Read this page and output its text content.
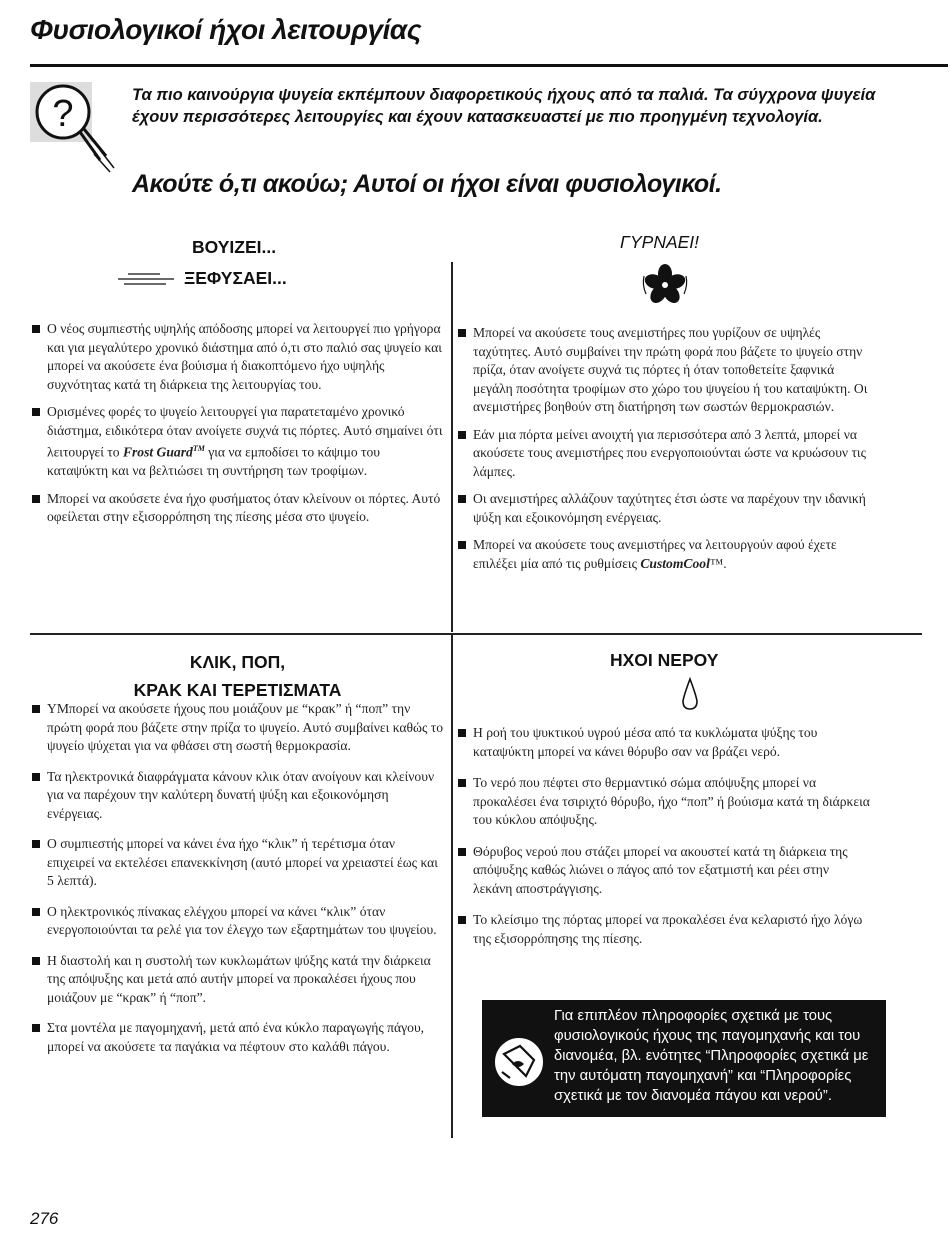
Φυσιολογικοί ήχοι λειτουργίας
?	Τα πιο καινούργια ψυγεία εκπέμπουν διαφορετικούς ήχους από τα παλιά. Τα σύγχρονα ψυγεία έχουν περισσότερες λειτουργίες και έχουν κατασκευαστεί με πιο προηγμένη τεχνολογία.
Ακούτε ό,τι ακούω; Αυτοί οι ήχοι είναι φυσιολογικοί.
ΒΟΥΙΖΕΙ...
ΞΕΦΥΣΑΕΙ...
Ο νέος συμπιεστής υψηλής απόδοσης μπορεί να λειτουργεί πιο γρήγορα και για μεγαλύτερο χρονικό διάστημα από ό,τι στο παλιό σας ψυγείο και μπορεί να ακούσετε ένα βούισμα ή διακοπτόμενο ήχο υψηλής συχνότητας κατά τη διάρκεια της λειτουργίας του.
Ορισμένες φορές το ψυγείο λειτουργεί για παρατεταμένο χρονικό διάστημα, ειδικότερα όταν ανοίγετε συχνά τις πόρτες. Αυτό σημαίνει ότι λειτουργεί το Frost Guard™ για να εμποδίσει το κάψιμο του καταψύκτη και να βελτιώσει τη συντήρηση των τροφίμων.
Μπορεί να ακούσετε ένα ήχο φυσήματος όταν κλείνουν οι πόρτες. Αυτό οφείλεται στην εξισορρόπηση της πίεσης μέσα στο ψυγείο.
ΓΥΡΝΑΕΙ!
Μπορεί να ακούσετε τους ανεμιστήρες που γυρίζουν σε υψηλές ταχύτητες. Αυτό συμβαίνει την πρώτη φορά που βάζετε το ψυγείο στην πρίζα, όταν ανοίγετε συχνά τις πόρτες ή όταν τοποθετείτε ξαφνικά μεγάλη ποσότητα τροφίμων στο χώρο του ψυγείου ή του καταψύκτη. Οι ανεμιστήρες βοηθούν στη διατήρηση των σωστών θερμοκρασιών.
Εάν μια πόρτα μείνει ανοιχτή για περισσότερα από 3 λεπτά, μπορεί να ακούσετε τους ανεμιστήρες που ενεργοποιούνται ώστε να κρυώσουν τις λάμπες.
Οι ανεμιστήρες αλλάζουν ταχύτητες έτσι ώστε να παρέχουν την ιδανική ψύξη και εξοικονόμηση ενέργειας.
Μπορεί να ακούσετε τους ανεμιστήρες να λειτουργούν αφού έχετε επιλέξει μία από τις ρυθμίσεις CustomCool™.
ΚΛΙΚ, ΠΟΠ,
ΚΡΑΚ ΚΑΙ ΤΕΡΕΤΙΣΜΑΤΑ
ΥΜπορεί να ακούσετε ήχους που μοιάζουν με “κρακ” ή “ποπ” την πρώτη φορά που βάζετε στην πρίζα το ψυγείο. Αυτό συμβαίνει καθώς το ψυγείο ψύχεται για να φθάσει στη σωστή θερμοκρασία.
Τα ηλεκτρονικά διαφράγματα κάνουν κλικ όταν ανοίγουν και κλείνουν για να παρέχουν την καλύτερη δυνατή ψύξη και εξοικονόμηση ενέργειας.
Ο συμπιεστής μπορεί να κάνει ένα ήχο “κλικ” ή τερέτισμα όταν επιχειρεί να εκτελέσει επανεκκίνηση (αυτό μπορεί να χρειαστεί έως και 5 λεπτά).
Ο ηλεκτρονικός πίνακας ελέγχου μπορεί να κάνει “κλικ” όταν ενεργοποιούνται τα ρελέ για τον έλεγχο των εξαρτημάτων του ψυγείου.
Η διαστολή και η συστολή των κυκλωμάτων ψύξης κατά την διάρκεια της απόψυξης και μετά από αυτήν μπορεί να προκαλέσει ήχους που μοιάζουν με “κρακ” ή “ποπ”.
Στα μοντέλα με παγομηχανή, μετά από ένα κύκλο παραγωγής πάγου, μπορεί να ακούσετε τα παγάκια να πέφτουν στο καλάθι πάγου.
ΗΧΟΙ ΝΕΡΟΥ
Η ροή του ψυκτικού υγρού μέσα από τα κυκλώματα ψύξης του καταψύκτη μπορεί να κάνει θόρυβο σαν να βράζει νερό.
Το νερό που πέφτει στο θερμαντικό σώμα απόψυξης μπορεί να προκαλέσει ένα τσιριχτό θόρυβο, ήχο “ποπ” ή βούισμα κατά τη διάρκεια του κύκλου απόψυξης.
Θόρυβος νερού που στάζει μπορεί να ακουστεί κατά τη διάρκεια της απόψυξης καθώς λιώνει ο πάγος από τον εξατμιστή και ρέει στην λεκάνη αποστράγγισης.
Το κλείσιμο της πόρτας μπορεί να προκαλέσει ένα κελαριστό ήχο λόγω της εξισορρόπησης της πίεσης.
Για επιπλέον πληροφορίες σχετικά με τους φυσιολογικούς ήχους της παγομηχανής και του διανομέα, βλ. ενότητες “Πληροφορίες σχετικά με την αυτόματη παγομηχανή” και “Πληροφορίες σχετικά με τον διανομέα πάγου και νερού”.
276
